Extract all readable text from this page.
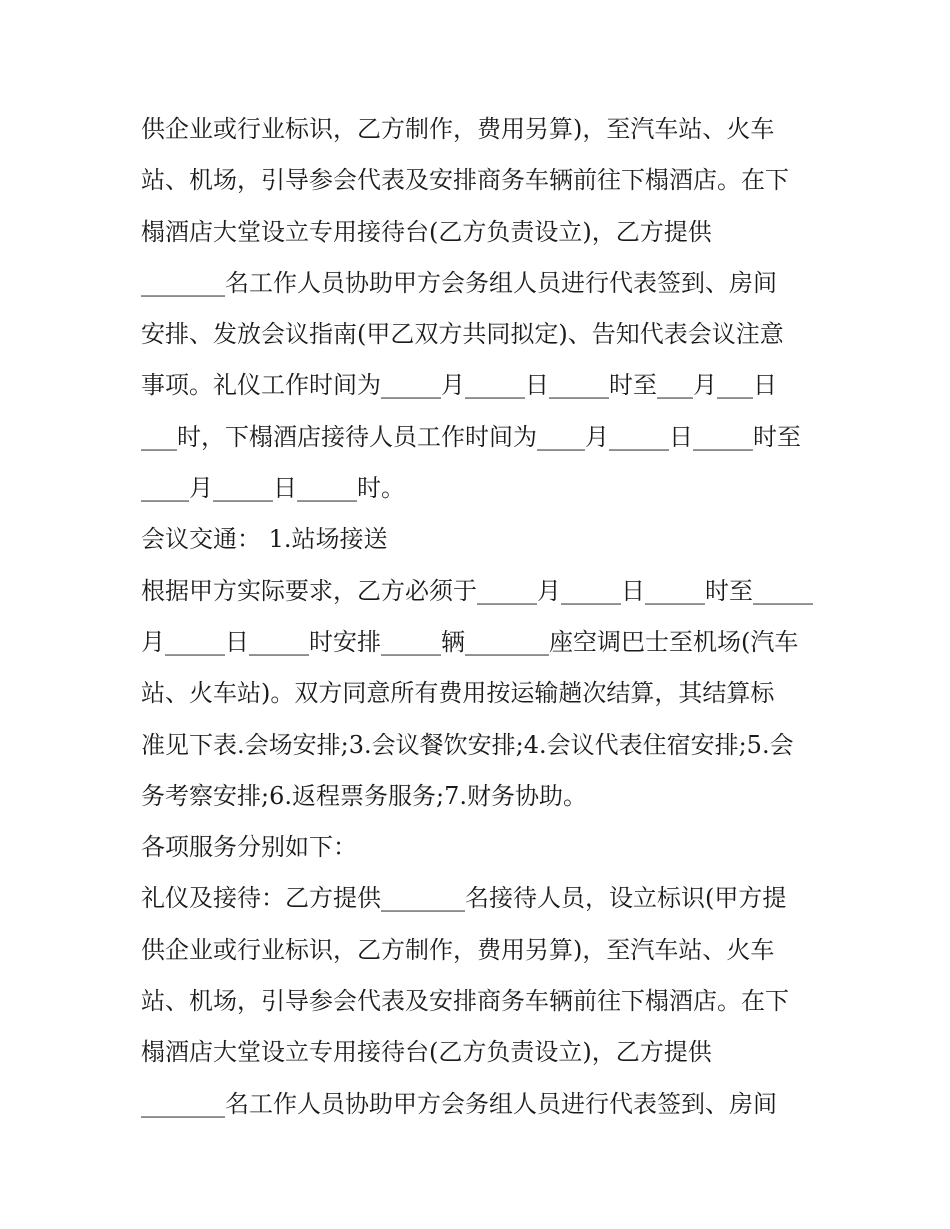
供企业或行业标识，乙方制作，费用另算)，至汽车站、火车
站、机场，引导参会代表及安排商务车辆前往下榻酒店。在下
榻酒店大堂设立专用接待台(乙方负责设立)，乙方提供
_______名工作人员协助甲方会务组人员进行代表签到、房间
安排、发放会议指南(甲乙双方共同拟定)、告知代表会议注意
事项。礼仪工作时间为_____月_____日_____时至___月___日
___时，下榻酒店接待人员工作时间为____月_____日_____时至
____月_____日_____时。
会议交通： 1.站场接送
根据甲方实际要求，乙方必须于_____月_____日_____时至_____
月_____日_____时安排_____辆_______座空调巴士至机场(汽车
站、火车站)。双方同意所有费用按运输趟次结算，其结算标
准见下表.会场安排;3.会议餐饮安排;4.会议代表住宿安排;5.会
务考察安排;6.返程票务服务;7.财务协助。
各项服务分别如下：
礼仪及接待：乙方提供_______名接待人员，设立标识(甲方提
供企业或行业标识，乙方制作，费用另算)，至汽车站、火车
站、机场，引导参会代表及安排商务车辆前往下榻酒店。在下
榻酒店大堂设立专用接待台(乙方负责设立)，乙方提供
_______名工作人员协助甲方会务组人员进行代表签到、房间
